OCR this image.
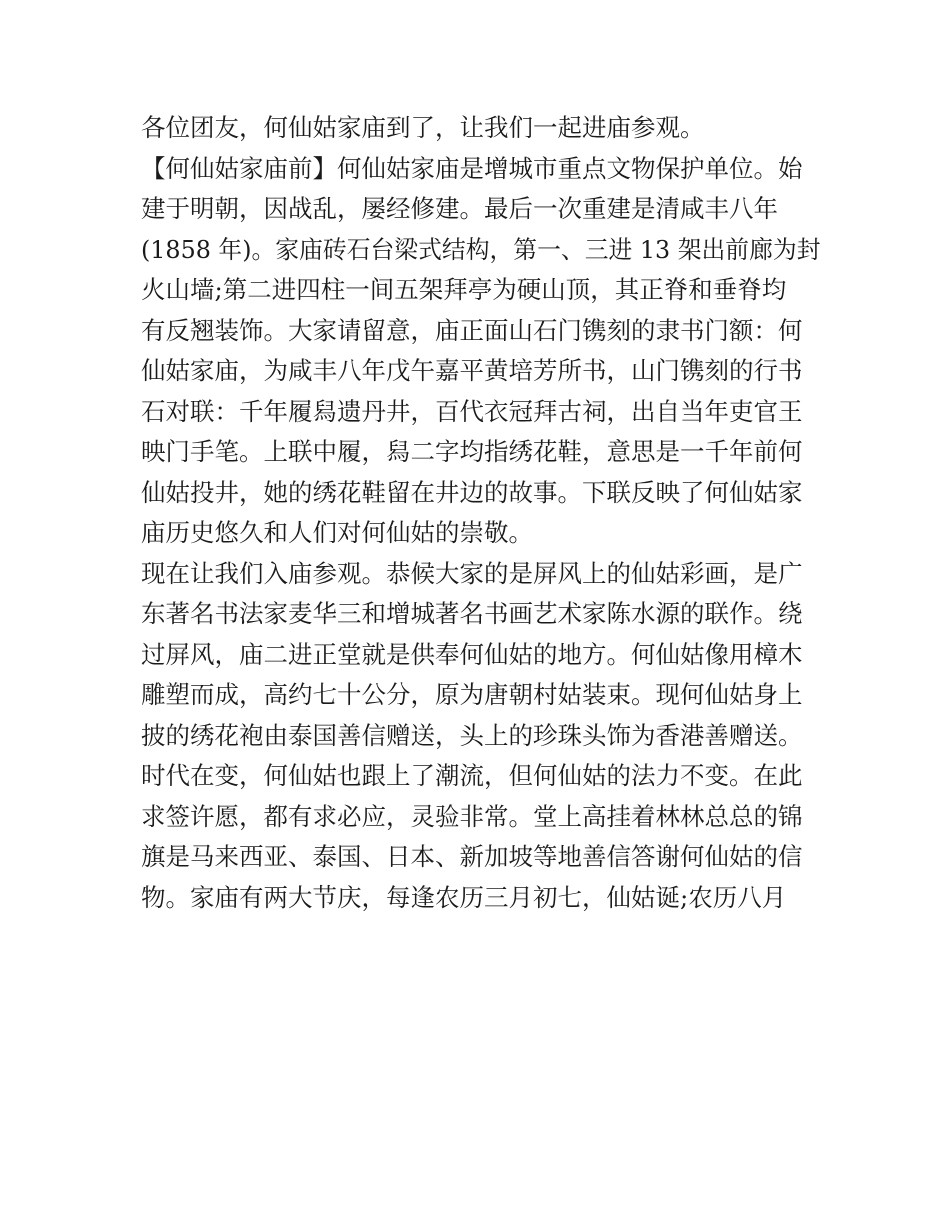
各位团友，何仙姑家庙到了，让我们一起进庙参观。
【何仙姑家庙前】何仙姑家庙是增城市重点文物保护单位。始
建于明朝，因战乱，屡经修建。最后一次重建是清咸丰八年
(1858 年)。家庙砖石台梁式结构，第一、三进 13 架出前廊为封
火山墙;第二进四柱一间五架拜亭为硬山顶，其正脊和垂脊均
有反翘装饰。大家请留意，庙正面山石门镌刻的隶书门额：何
仙姑家庙，为咸丰八年戊午嘉平黄培芳所书，山门镌刻的行书
石对联：千年履舄遗丹井，百代衣冠拜古祠，出自当年吏官王
映门手笔。上联中履，舄二字均指绣花鞋，意思是一千年前何
仙姑投井，她的绣花鞋留在井边的故事。下联反映了何仙姑家
庙历史悠久和人们对何仙姑的崇敬。
现在让我们入庙参观。恭候大家的是屏风上的仙姑彩画，是广
东著名书法家麦华三和增城著名书画艺术家陈水源的联作。绕
过屏风，庙二进正堂就是供奉何仙姑的地方。何仙姑像用樟木
雕塑而成，高约七十公分，原为唐朝村姑装束。现何仙姑身上
披的绣花袍由泰国善信赠送，头上的珍珠头饰为香港善赠送。
时代在变，何仙姑也跟上了潮流，但何仙姑的法力不变。在此
求签许愿，都有求必应，灵验非常。堂上高挂着林林总总的锦
旗是马来西亚、泰国、日本、新加坡等地善信答谢何仙姑的信
物。家庙有两大节庆，每逢农历三月初七，仙姑诞;农历八月
